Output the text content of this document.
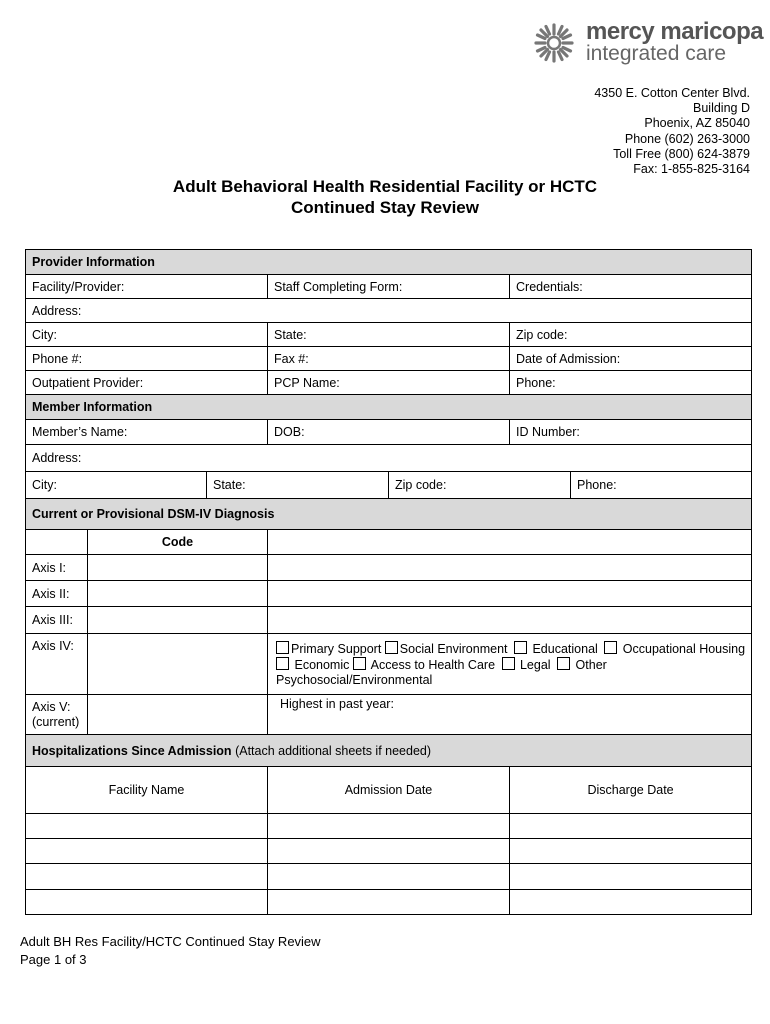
mercy maricopa
integrated care
4350 E. Cotton Center Blvd.
Building D
Phoenix, AZ 85040
Phone (602) 263-3000
Toll Free (800) 624-3879
Fax: 1-855-825-3164
Adult Behavioral Health Residential Facility or HCTC
Continued Stay Review
Provider Information							
Facility/Provider:			Staff Completing Form:		Credentials:		
Address:							
City:			State:		Zip code:		
Phone #:			Fax #:		Date of Admission:		
Outpatient Provider:			PCP Name:		Phone:		
Member Information							
Member’s Name:			DOB:		ID Number:		
Address:							
City:		State:		Zip code:		Phone:	
Current or Provisional DSM-IV Diagnosis							
	Code						
Axis I:							
Axis II:							
Axis III:							
Axis IV:			Primary Support Social Environment Educational Occupational Housing
Economic Access to Health Care Legal Other
Psychosocial/Environmental				
Axis V:
(current)			Highest in past year:				
Hospitalizations Since Admission (Attach additional sheets if needed)							
Facility Name			Admission Date		Discharge Date	

Adult BH Res Facility/HCTC Continued Stay Review
Page 1 of 3
